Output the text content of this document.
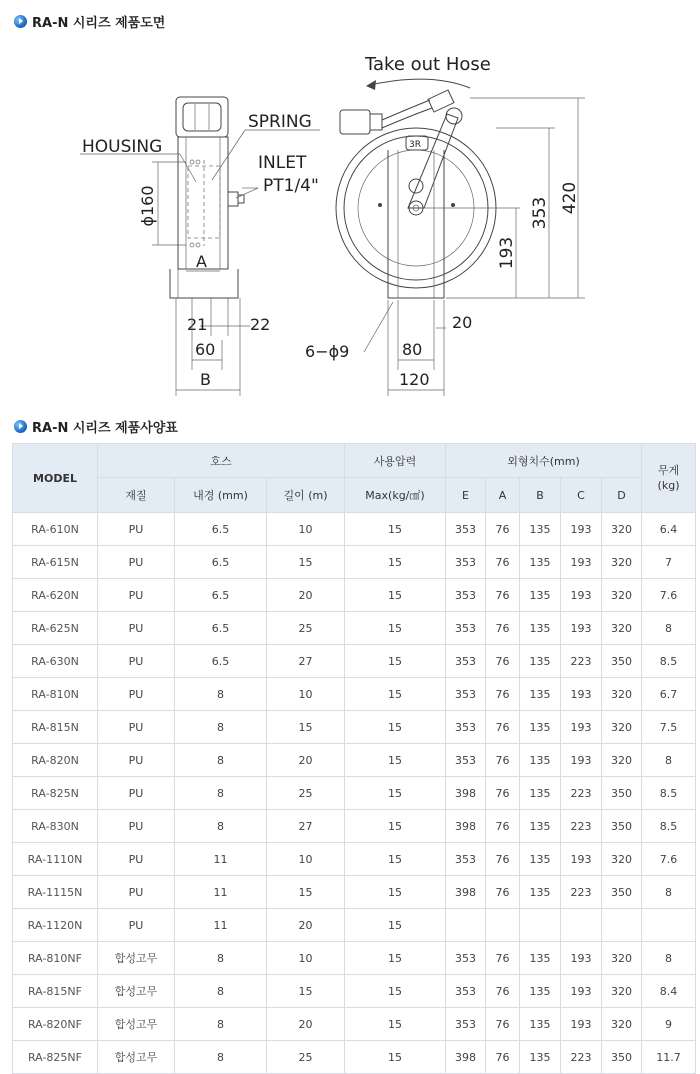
RA-N 시리즈 제품도면
ϕ160
HOUSING
SPRING
INLET
PT1/4"
A
21	22
60
B
Take out Hose
3R
420
353
193
20
80
120
6−ϕ9
RA-N 시리즈 제품사양표
MODEL	호스			사용압력	외형치수(mm)					무게
(kg)
	재질	내경 (mm)	길이 (m)	Max(kg/㎠)	E	A	B	C	D	
RA-610N	PU	6.5	10	15	353	76	135	193	320	6.4
RA-615N	PU	6.5	15	15	353	76	135	193	320	7
RA-620N	PU	6.5	20	15	353	76	135	193	320	7.6
RA-625N	PU	6.5	25	15	353	76	135	193	320	8
RA-630N	PU	6.5	27	15	353	76	135	223	350	8.5
RA-810N	PU	8	10	15	353	76	135	193	320	6.7
RA-815N	PU	8	15	15	353	76	135	193	320	7.5
RA-820N	PU	8	20	15	353	76	135	193	320	8
RA-825N	PU	8	25	15	398	76	135	223	350	8.5
RA-830N	PU	8	27	15	398	76	135	223	350	8.5
RA-1110N	PU	11	10	15	353	76	135	193	320	7.6
RA-1115N	PU	11	15	15	398	76	135	223	350	8
RA-1120N	PU	11	20	15						
RA-810NF	합성고무	8	10	15	353	76	135	193	320	8
RA-815NF	합성고무	8	15	15	353	76	135	193	320	8.4
RA-820NF	합성고무	8	20	15	353	76	135	193	320	9
RA-825NF	합성고무	8	25	15	398	76	135	223	350	11.7
